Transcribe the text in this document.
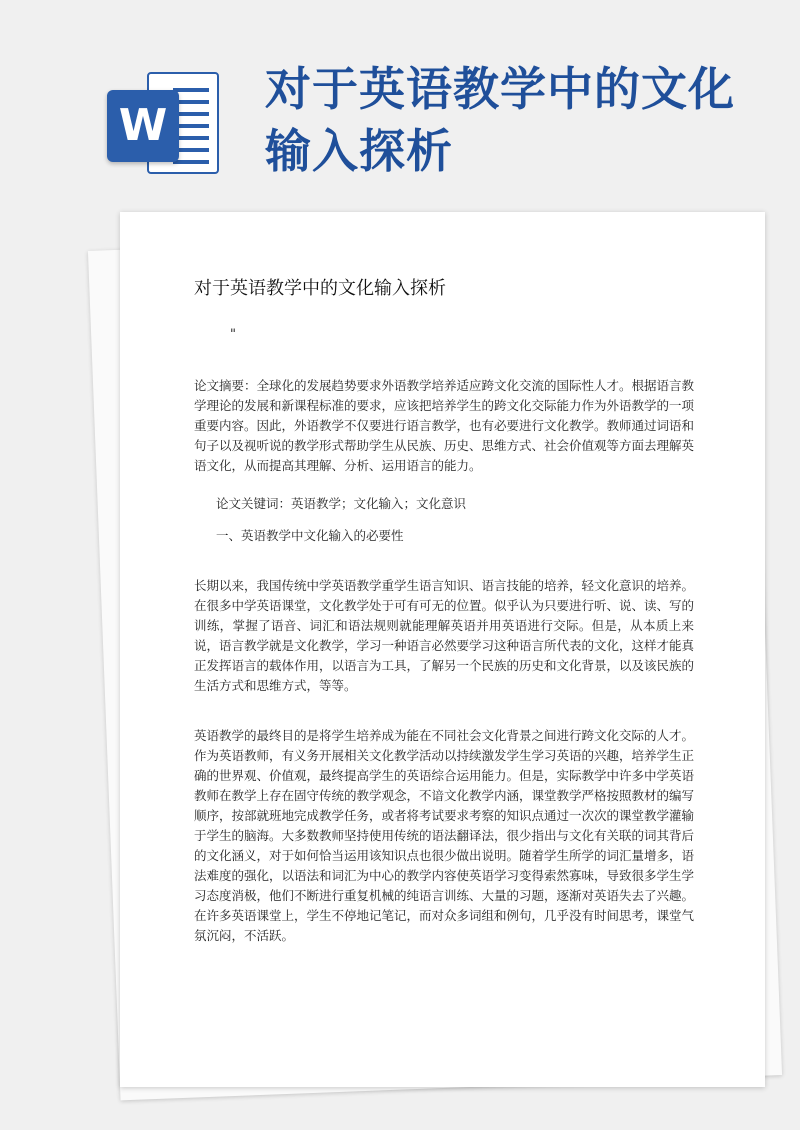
W
对于英语教学中的文化输入探析
对于英语教学中的文化输入探析

"

论文摘要：全球化的发展趋势要求外语教学培养适应跨文化交流的国际性人才。根据语言教学理论的发展和新课程标准的要求，应该把培养学生的跨文化交际能力作为外语教学的一项重要内容。因此，外语教学不仅要进行语言教学，也有必要进行文化教学。教师通过词语和句子以及视听说的教学形式帮助学生从民族、历史、思维方式、社会价值观等方面去理解英语文化，从而提高其理解、分析、运用语言的能力。

论文关键词：英语教学；文化输入；文化意识

一、英语教学中文化输入的必要性

长期以来，我国传统中学英语教学重学生语言知识、语言技能的培养，轻文化意识的培养。在很多中学英语课堂，文化教学处于可有可无的位置。似乎认为只要进行听、说、读、写的训练，掌握了语音、词汇和语法规则就能理解英语并用英语进行交际。但是，从本质上来说，语言教学就是文化教学，学习一种语言必然要学习这种语言所代表的文化，这样才能真正发挥语言的载体作用，以语言为工具，了解另一个民族的历史和文化背景，以及该民族的生活方式和思维方式，等等。

英语教学的最终目的是将学生培养成为能在不同社会文化背景之间进行跨文化交际的人才。作为英语教师，有义务开展相关文化教学活动以持续激发学生学习英语的兴趣，培养学生正确的世界观、价值观，最终提高学生的英语综合运用能力。但是，实际教学中许多中学英语教师在教学上存在固守传统的教学观念，不谙文化教学内涵，课堂教学严格按照教材的编写顺序，按部就班地完成教学任务，或者将考试要求考察的知识点通过一次次的课堂教学灌输于学生的脑海。大多数教师坚持使用传统的语法翻译法，很少指出与文化有关联的词其背后的文化涵义，对于如何恰当运用该知识点也很少做出说明。随着学生所学的词汇量增多，语法难度的强化，以语法和词汇为中心的教学内容使英语学习变得索然寡味，导致很多学生学习态度消极，他们不断进行重复机械的纯语言训练、大量的习题，逐渐对英语失去了兴趣。在许多英语课堂上，学生不停地记笔记，而对众多词组和例句，几乎没有时间思考，课堂气氛沉闷，不活跃。
